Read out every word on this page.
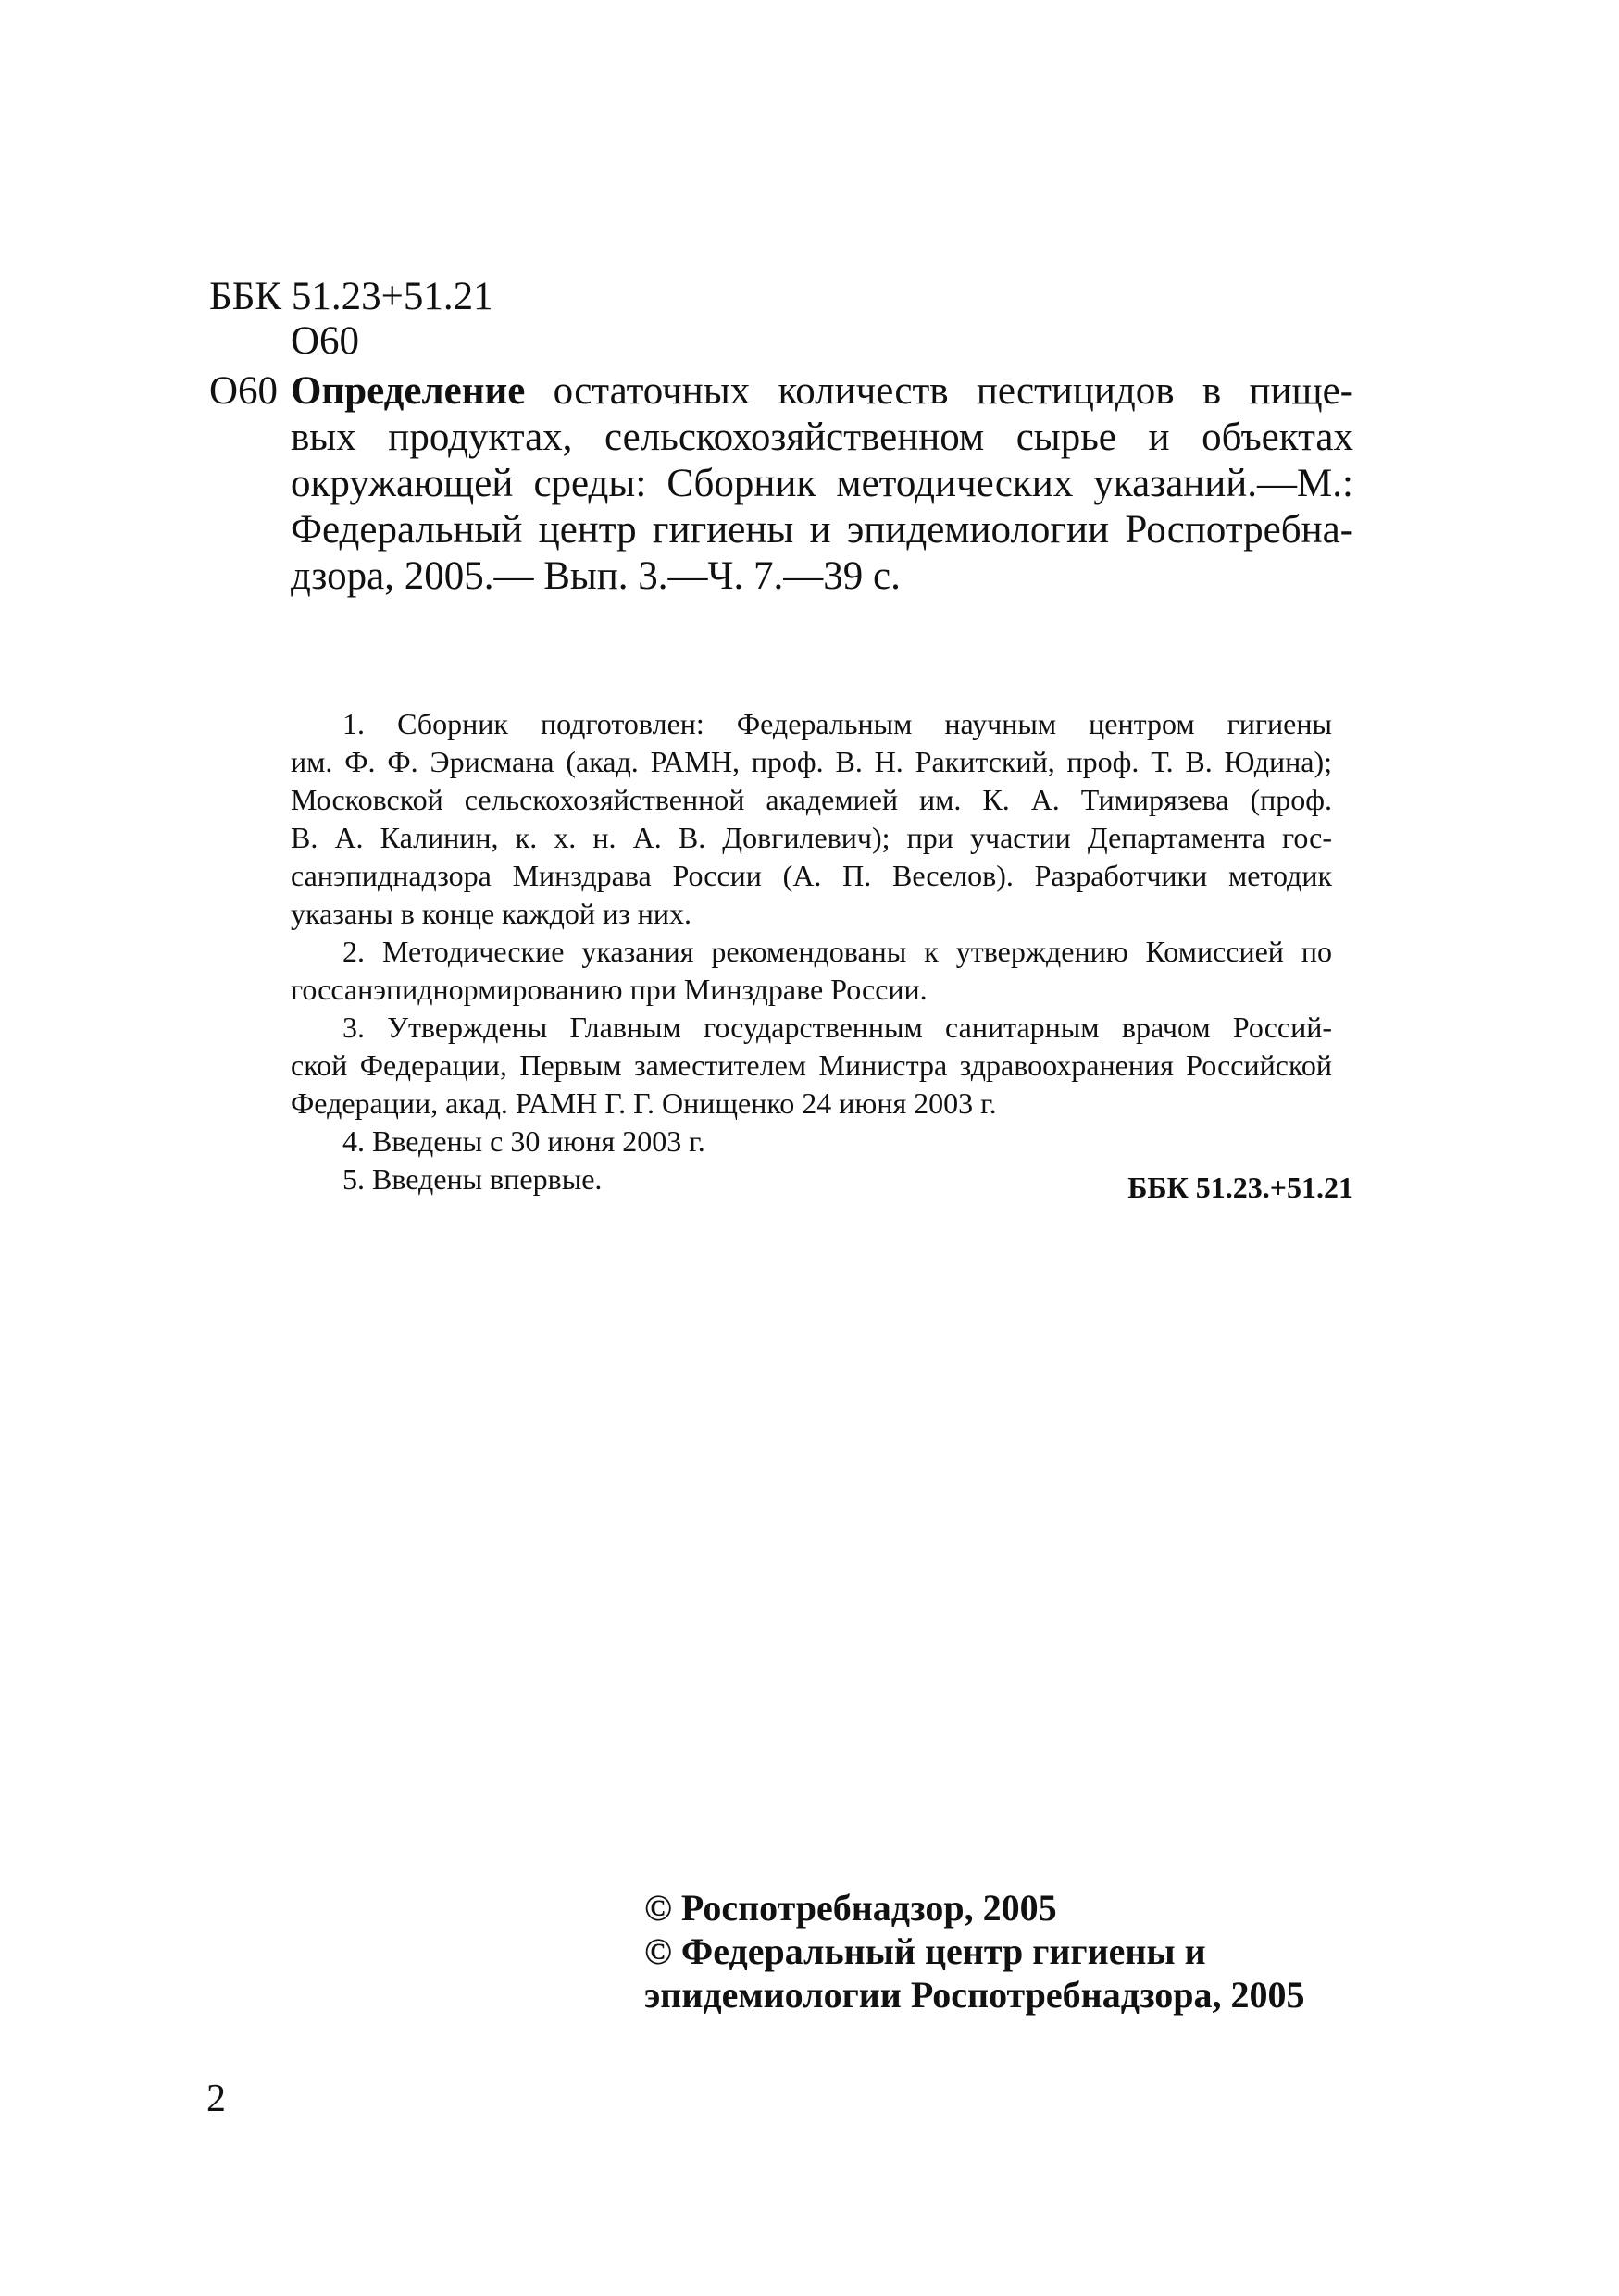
ББК 51.23+51.21
О60
О60 Определение остаточных количеств пестицидов в пище-
вых продуктах, сельскохозяйственном сырье и объектах
окружающей среды: Сборник методических указаний.—М.:
Федеральный центр гигиены и эпидемиологии Роспотребна-
дзора, 2005.— Вып. 3.—Ч. 7.—39 с.
1. Сборник подготовлен: Федеральным научным центром гигиены
им. Ф. Ф. Эрисмана (акад. РАМН, проф. В. Н. Ракитский, проф. Т. В. Юдина);
Московской сельскохозяйственной академией им. К. А. Тимирязева (проф.
В. А. Калинин, к. х. н. А. В. Довгилевич); при участии Департамента гос-
санэпиднадзора Минздрава России (А. П. Веселов). Разработчики методик
указаны в конце каждой из них.
2. Методические указания рекомендованы к утверждению Комиссией по
госсанэпиднормированию при Минздраве России.
3. Утверждены Главным государственным санитарным врачом Россий-
ской Федерации, Первым заместителем Министра здравоохранения Российской
Федерации, акад. РАМН Г. Г. Онищенко 24 июня 2003 г.
4. Введены с 30 июня 2003 г.
5. Введены впервые.	ББК 51.23.+51.21
© Роспотребнадзор, 2005
© Федеральный центр гигиены и
эпидемиологии Роспотребнадзора, 2005
2
